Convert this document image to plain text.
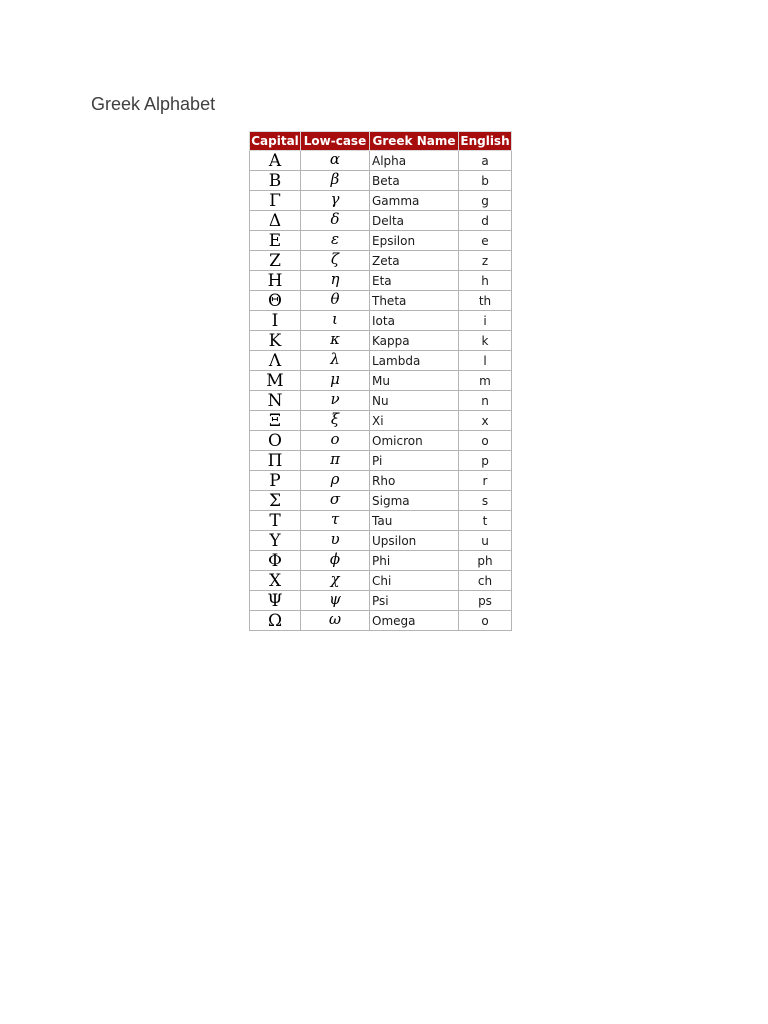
Greek Alphabet
Capital	Low-case	Greek Name	English
Α	α	Alpha	a
Β	β	Beta	b
Γ	γ	Gamma	g
Δ	δ	Delta	d
Ε	ε	Epsilon	e
Ζ	ζ	Zeta	z
Η	η	Eta	h
Θ	θ	Theta	th
Ι	ι	Iota	i
Κ	κ	Kappa	k
Λ	λ	Lambda	l
Μ	μ	Mu	m
Ν	ν	Nu	n
Ξ	ξ	Xi	x
Ο	ο	Omicron	o
Π	π	Pi	p
Ρ	ρ	Rho	r
Σ	σ	Sigma	s
Τ	τ	Tau	t
Υ	υ	Upsilon	u
Φ	ϕ	Phi	ph
Χ	χ	Chi	ch
Ψ	ψ	Psi	ps
Ω	ω	Omega	o
